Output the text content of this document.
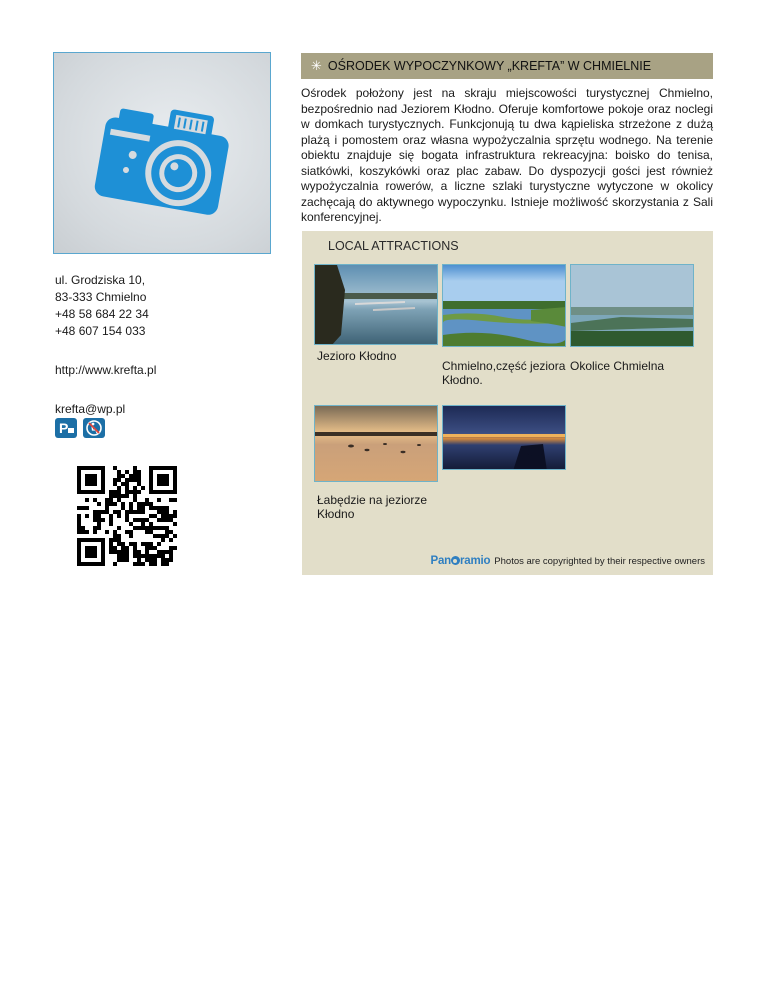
ul. Grodziska 10,
83-333 Chmielno
+48 58 684 22 34
+48 607 154 033
http://www.krefta.pl
krefta@wp.pl
P

✳ OŚRODEK WYPOCZYNKOWY „KREFTA” W CHMIELNIE

Ośrodek położony jest na skraju miejscowości turystycznej Chmielno, bezpośrednio nad Jeziorem Kłodno. Oferuje komfortowe pokoje oraz noclegi w domkach turystycznych. Funkcjonują tu dwa kąpieliska strzeżone z dużą plażą i pomostem oraz własna wypożyczalnia sprzętu wodnego. Na terenie obiektu znajduje się bogata infrastruktura rekreacyjna: boisko do tenisa, siatkówki, koszykówki oraz plac zabaw. Do dyspozycji gości jest również wypożyczalnia rowerów, a liczne szlaki turystyczne wytyczone w okolicy zachęcają do aktywnego wypoczynku. Istnieje możliwość skorzystania z Sali konferencyjnej.

LOCAL ATTRACTIONS
Jezioro Kłodno
Chmielno,część jeziora Kłodno.
Okolice Chmielna
Łabędzie na jeziorze Kłodno
Pan ramio Photos are copyrighted by their respective owners
